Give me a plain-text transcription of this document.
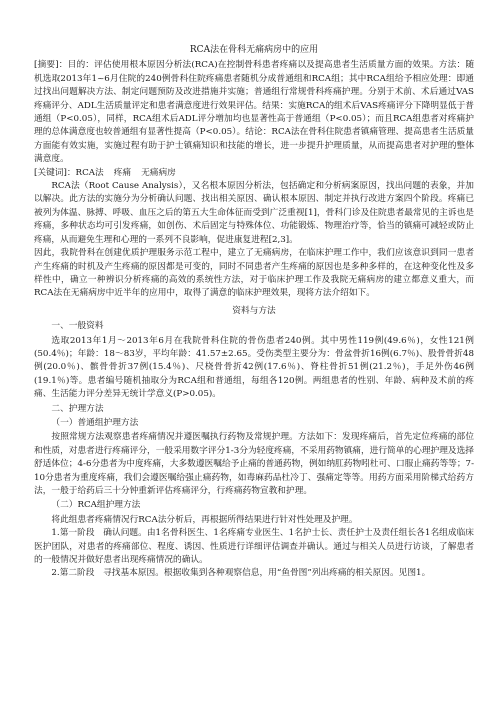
RCA法在骨科无痛病房中的应用

[摘要]：目的：评估使用根本原因分析法(RCA)在控制骨科患者疼痛以及提高患者生活质量方面的效果。方法：随机选取2013年1~6月住院的240例骨科住院疼痛患者随机分成普通组和RCA组；其中RCA组给予相应处理：即通过找出问题解决方法、制定问题预防及改进措施并实施；普通组行常规骨科疼痛护理。分别于术前、术后通过VAS疼痛评分、ADL生活质量评定和患者满意度进行效果评估。结果：实施RCA的组术后VAS疼痛评分下降明显低于普通组（P<0.05），同样，RCA组术后ADL评分增加均也显著性高于普通组（P<0.05）；而且RCA组患者对疼痛护理的总体满意度也较普通组有显著性提高（P<0.05）。结论：RCA法在骨科住院患者镇痛管理、提高患者生活质量方面能有效实施，实施过程有助于护士镇痛知识和技能的增长，进一步提升护理质量，从而提高患者对护理的整体满意度。

[关键词]：RCA法 疼痛 无痛病房

RCA法（Root Cause Analysis），又名根本原因分析法，包括确定和分析病案原因，找出问题的表象，并加以解决。此方法的实施分为分析确认问题、找出相关原因、确认根本原因、制定并执行改进方案四个阶段。疼痛已被列为体温、脉搏、呼吸、血压之后的第五大生命体征而受到广泛重视[1]，骨科门诊及住院患者最常见的主诉也是疼痛，多种状态均可引发疼痛，如创伤、术后固定与特殊体位、功能锻炼、物理治疗等，恰当的镇痛可减轻或防止疼痛，从而避免生理和心理的一系列不良影响，促进康复进程[2,3]。

因此，我院骨科在创建优质护理服务示范工程中，建立了无痛病房，在临床护理工作中，我们应该意识到同一患者产生疼痛的时机及产生疼痛的原因都是可变的，同时不同患者产生疼痛的原因也是多种多样的，在这种变化性及多样性中，确立一种辨识分析疼痛的高效的系统性方法，对于临床护理工作及我院无痛病房的建立都意义重大，而RCA法在无痛病房中近半年的应用中，取得了满意的临床护理效果，现将方法介绍如下。

资料与方法

一、一般资料

选取2013年1月～2013年6月在我院骨科住院的骨伤患者240例。其中男性119例(49.6％)，女性121例(50.4％)；年龄：18～83岁，平均年龄：41.57±2.65。受伤类型主要分为：骨盆骨折16例(6.7％)、股骨骨折48例(20.0％)、髌骨骨折37例(15.4％)、尺桡骨骨折42例(17.6％)、脊柱骨折51例(21.2％)，手足外伤46例(19.1％)等。患者编号随机抽取分为RCA组和普通组，每组各120例。两组患者的性别、年龄、病种及术前的疼痛、生活能力评分差异无统计学意义(P>0.05)。

二、护理方法

（一）普通组护理方法

按照常规方法观察患者疼痛情况并遵医嘱执行药物及常规护理。方法如下：发现疼痛后，首先定位疼痛的部位和性质，对患者进行疼痛评分，一般采用数字评分1-3分为轻度疼痛，不采用药物镇痛，进行简单的心理护理及选择舒适体位；4-6分患者为中度疼痛，大多数遵医嘱给予止痛的普通药物，例如纳肛药物吲杜可、口服止痛药等等；7-10分患者为重度疼痛，我们会遵医嘱给强止痛药物，如毒麻药品杜冷丁、强痛定等等。用药方面采用阶梯式给药方法，一般于给药后三十分钟重新评估疼痛评分，行疼痛药物宣教和护理。

（二）RCA组护理方法

将此组患者疼痛情况行RCA法分析后，再根据所得结果进行针对性处理及护理。

1.第一阶段　确认问题。由1名骨科医生、1名疼痛专业医生、1名护士长、责任护士及责任组长各1名组成临床医护团队，对患者的疼痛部位、程度、诱因、性质进行详细评估调查并确认。通过与相关人员进行访谈，了解患者的一般情况并做好患者出现疼痛情况的确认。

2.第二阶段　寻找基本原因。根据收集到各种观察信息，用“鱼骨图”列出疼痛的相关原因。见图1。
